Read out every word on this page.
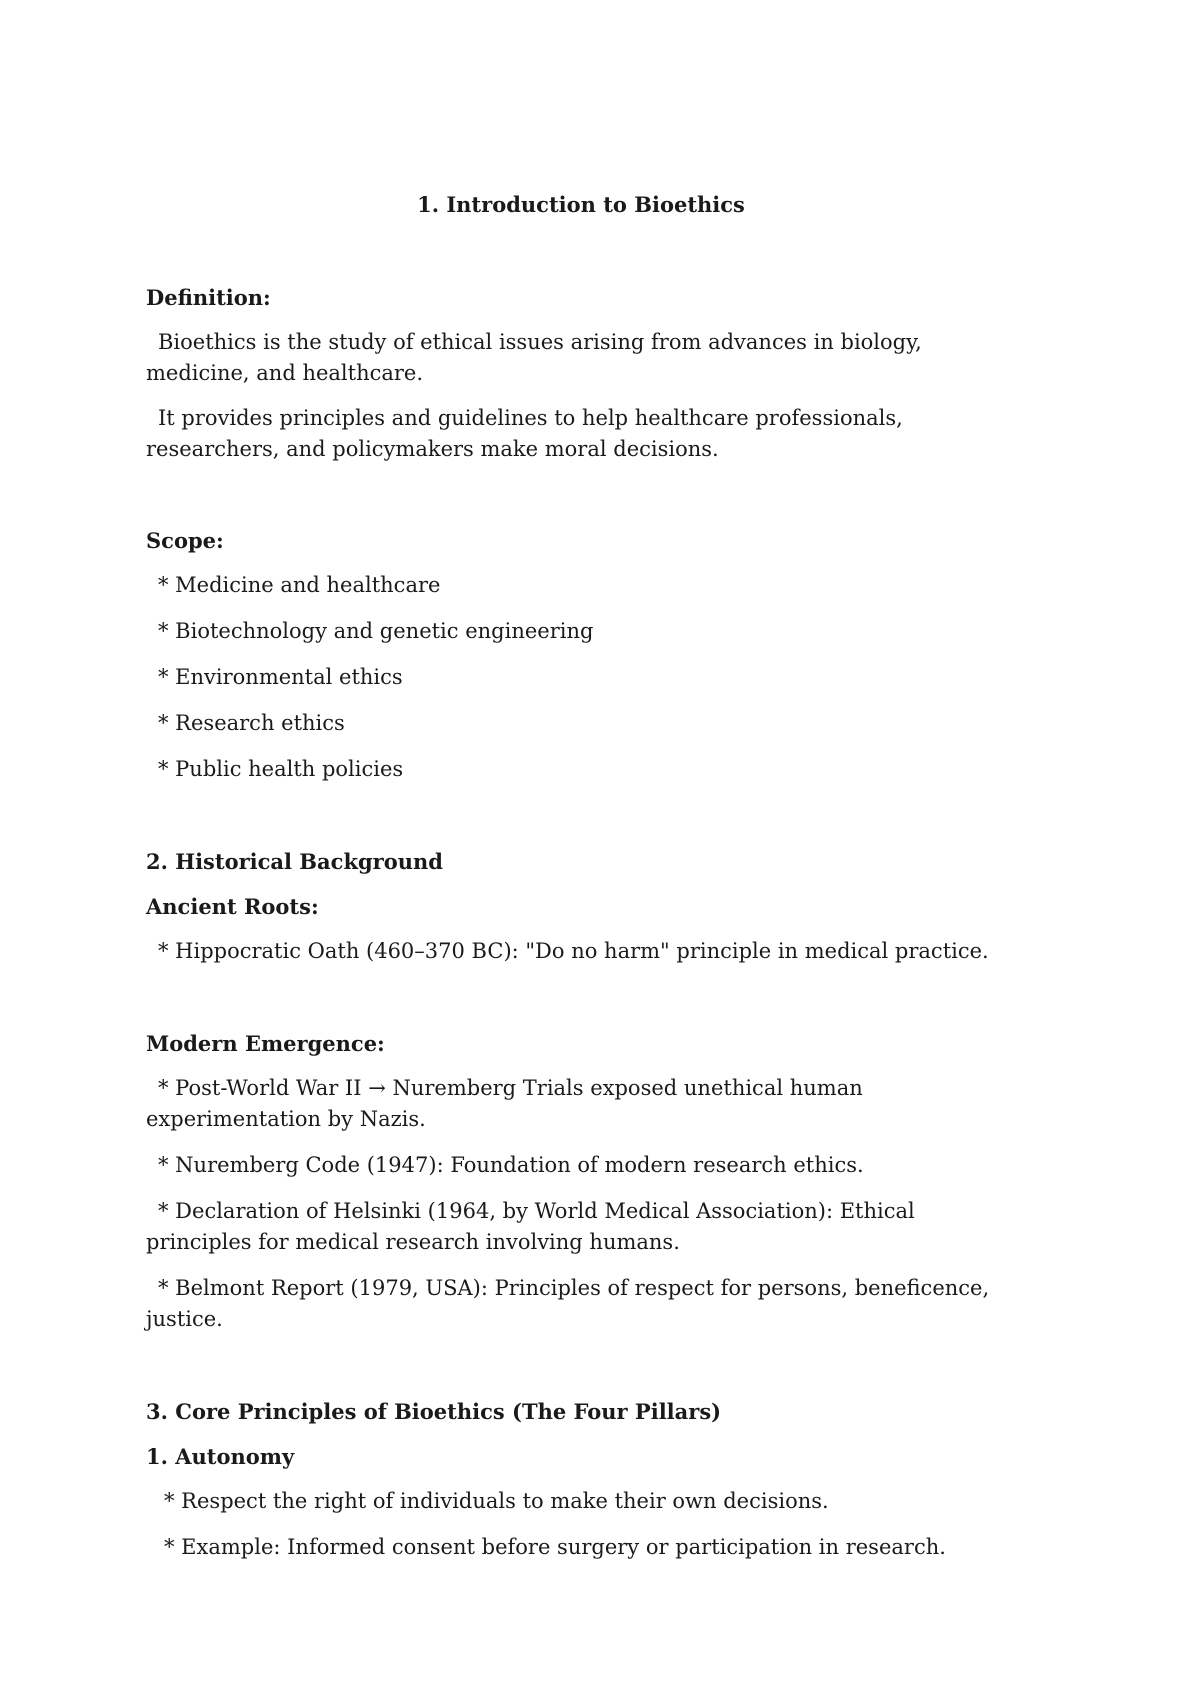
1. Introduction to Bioethics
Definition:
Bioethics is the study of ethical issues arising from advances in biology, medicine, and healthcare.
It provides principles and guidelines to help healthcare professionals, researchers, and policymakers make moral decisions.
Scope:
* Medicine and healthcare
* Biotechnology and genetic engineering
* Environmental ethics
* Research ethics
* Public health policies
2. Historical Background
Ancient Roots:
* Hippocratic Oath (460–370 BC): "Do no harm" principle in medical practice.
Modern Emergence:
* Post-World War II → Nuremberg Trials exposed unethical human experimentation by Nazis.
* Nuremberg Code (1947): Foundation of modern research ethics.
* Declaration of Helsinki (1964, by World Medical Association): Ethical principles for medical research involving humans.
* Belmont Report (1979, USA): Principles of respect for persons, beneficence, justice.
3. Core Principles of Bioethics (The Four Pillars)
1. Autonomy
* Respect the right of individuals to make their own decisions.
* Example: Informed consent before surgery or participation in research.
